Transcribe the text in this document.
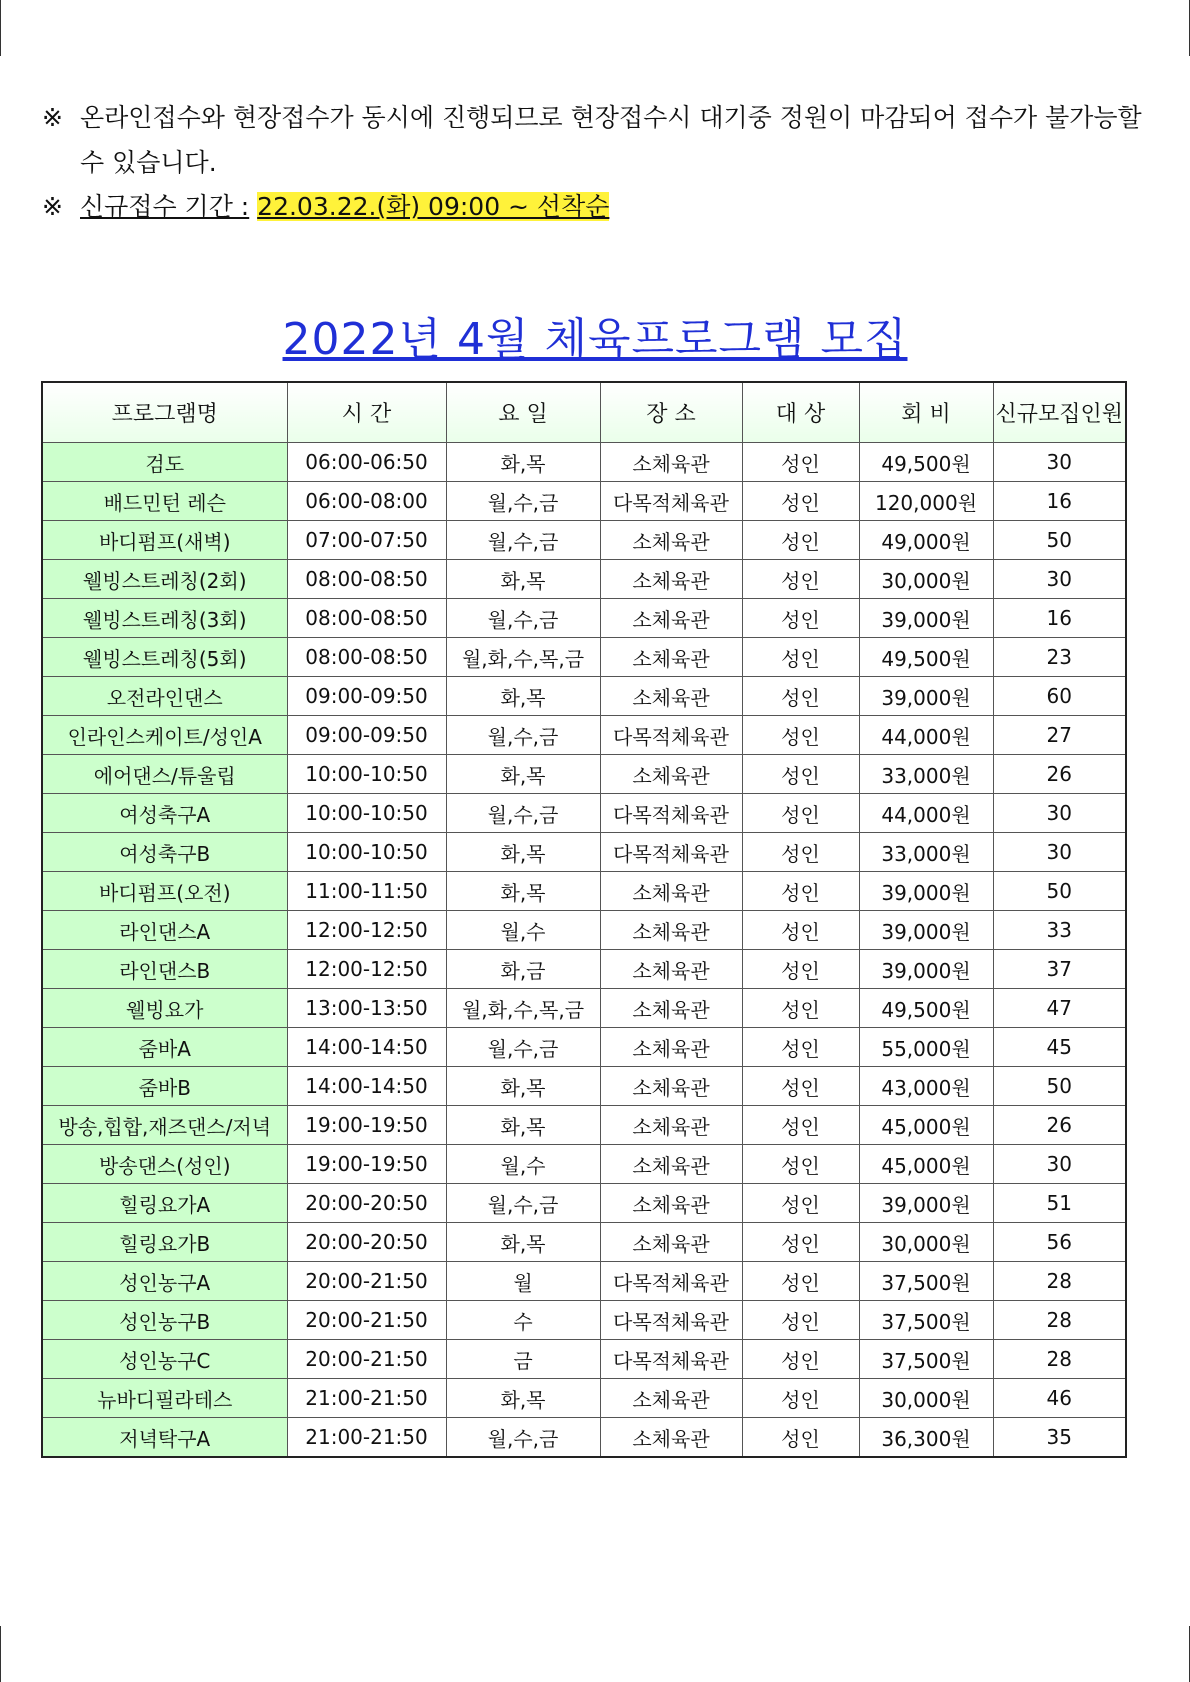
※ 온라인접수와 현장접수가 동시에 진행되므로 현장접수시 대기중 정원이 마감되어 접수가 불가능할
수 있습니다.
※ 신규접수 기간 : 22.03.22.(화) 09:00 ~ 선착순
2022년 4월 체육프로그램 모집
프로그램명	시 간	요 일	장 소	대 상	회 비	신규모집인원
검도	06:00-06:50	화,목	소체육관	성인	49,500원	30
배드민턴 레슨	06:00-08:00	월,수,금	다목적체육관	성인	120,000원	16
바디펌프(새벽)	07:00-07:50	월,수,금	소체육관	성인	49,000원	50
웰빙스트레칭(2회)	08:00-08:50	화,목	소체육관	성인	30,000원	30
웰빙스트레칭(3회)	08:00-08:50	월,수,금	소체육관	성인	39,000원	16
웰빙스트레칭(5회)	08:00-08:50	월,화,수,목,금	소체육관	성인	49,500원	23
오전라인댄스	09:00-09:50	화,목	소체육관	성인	39,000원	60
인라인스케이트/성인A	09:00-09:50	월,수,금	다목적체육관	성인	44,000원	27
에어댄스/튜울립	10:00-10:50	화,목	소체육관	성인	33,000원	26
여성축구A	10:00-10:50	월,수,금	다목적체육관	성인	44,000원	30
여성축구B	10:00-10:50	화,목	다목적체육관	성인	33,000원	30
바디펌프(오전)	11:00-11:50	화,목	소체육관	성인	39,000원	50
라인댄스A	12:00-12:50	월,수	소체육관	성인	39,000원	33
라인댄스B	12:00-12:50	화,금	소체육관	성인	39,000원	37
웰빙요가	13:00-13:50	월,화,수,목,금	소체육관	성인	49,500원	47
줌바A	14:00-14:50	월,수,금	소체육관	성인	55,000원	45
줌바B	14:00-14:50	화,목	소체육관	성인	43,000원	50
방송,힙합,재즈댄스/저녁	19:00-19:50	화,목	소체육관	성인	45,000원	26
방송댄스(성인)	19:00-19:50	월,수	소체육관	성인	45,000원	30
힐링요가A	20:00-20:50	월,수,금	소체육관	성인	39,000원	51
힐링요가B	20:00-20:50	화,목	소체육관	성인	30,000원	56
성인농구A	20:00-21:50	월	다목적체육관	성인	37,500원	28
성인농구B	20:00-21:50	수	다목적체육관	성인	37,500원	28
성인농구C	20:00-21:50	금	다목적체육관	성인	37,500원	28
뉴바디필라테스	21:00-21:50	화,목	소체육관	성인	30,000원	46
저녁탁구A	21:00-21:50	월,수,금	소체육관	성인	36,300원	35
